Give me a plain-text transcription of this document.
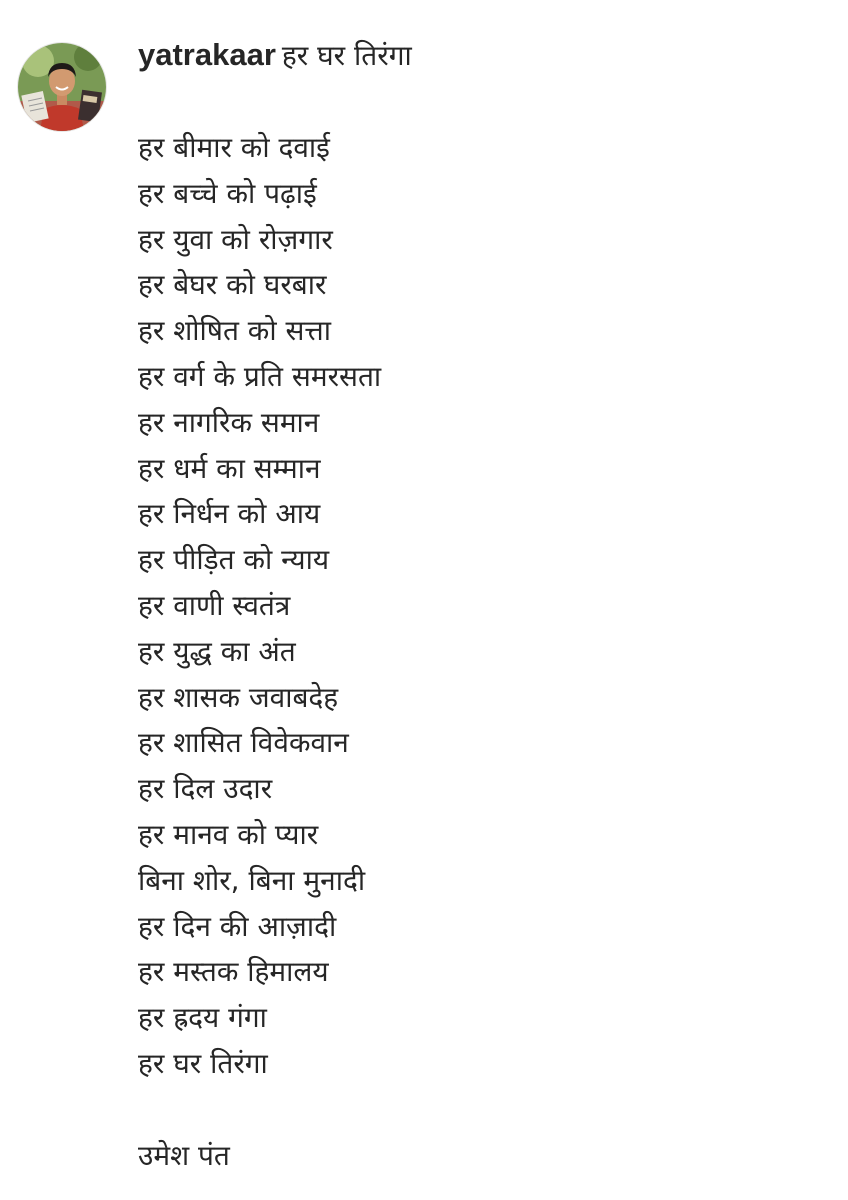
yatrakaar हर घर तिरंगा
हर बीमार को दवाई
हर बच्चे को पढ़ाई
हर युवा को रोज़गार
हर बेघर को घरबार
हर शोषित को सत्ता
हर वर्ग के प्रति समरसता
हर नागरिक समान
हर धर्म का सम्मान
हर निर्धन को आय
हर पीड़ित को न्याय
हर वाणी स्वतंत्र
हर युद्ध का अंत
हर शासक जवाबदेह
हर शासित विवेकवान
हर दिल उदार
हर मानव को प्यार
बिना शोर, बिना मुनादी
हर दिन की आज़ादी
हर मस्तक हिमालय
हर ह्रदय गंगा
हर घर तिरंगा
उमेश पंत
